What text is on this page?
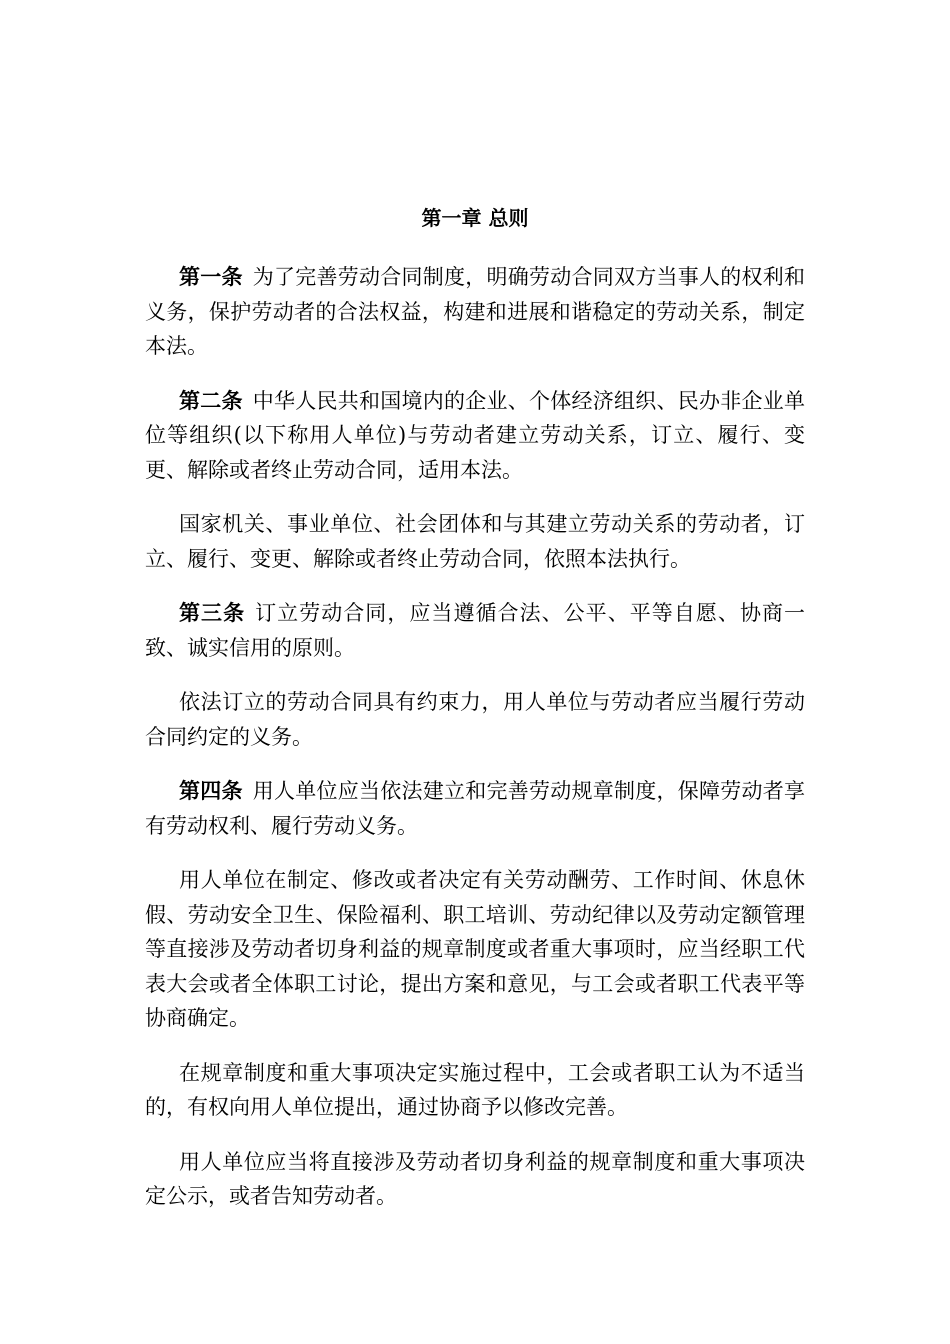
第一章 总则

第一条 为了完善劳动合同制度，明确劳动合同双方当事人的权利和义务，保护劳动者的合法权益，构建和进展和谐稳定的劳动关系，制定本法。

第二条 中华人民共和国境内的企业、个体经济组织、民办非企业单位等组织(以下称用人单位)与劳动者建立劳动关系，订立、履行、变更、解除或者终止劳动合同，适用本法。

国家机关、事业单位、社会团体和与其建立劳动关系的劳动者，订立、履行、变更、解除或者终止劳动合同，依照本法执行。

第三条 订立劳动合同，应当遵循合法、公平、平等自愿、协商一致、诚实信用的原则。

依法订立的劳动合同具有约束力，用人单位与劳动者应当履行劳动合同约定的义务。

第四条 用人单位应当依法建立和完善劳动规章制度，保障劳动者享有劳动权利、履行劳动义务。

用人单位在制定、修改或者决定有关劳动酬劳、工作时间、休息休假、劳动安全卫生、保险福利、职工培训、劳动纪律以及劳动定额管理等直接涉及劳动者切身利益的规章制度或者重大事项时，应当经职工代表大会或者全体职工讨论，提出方案和意见，与工会或者职工代表平等协商确定。

在规章制度和重大事项决定实施过程中，工会或者职工认为不适当的，有权向用人单位提出，通过协商予以修改完善。

用人单位应当将直接涉及劳动者切身利益的规章制度和重大事项决定公示，或者告知劳动者。
